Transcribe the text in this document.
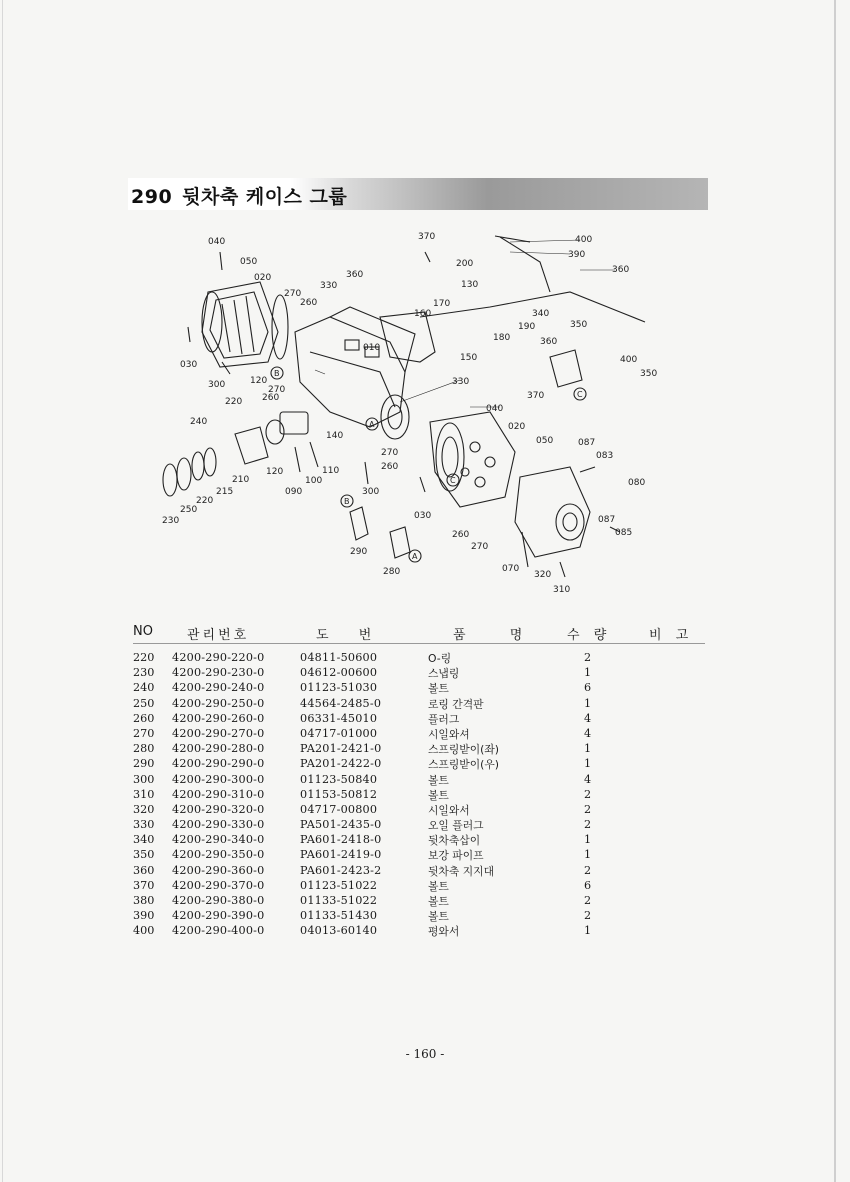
290 뒷차축 케이스 그룹
040
050
020
370	400
390
360
200
360
330
270
260
130
170
160	340
190	350
030
180
150
010
360
400
300	120
270
260
330
350
370
220
040
240
140
020
050	087
083
270
260
210
120
100
110
300
080
250
220
215	090
030	087
230
085
260
270
290
070
320
310
280
B
A
C
C
B
A
NO	관리번호	도 번	품 명	수 량	비 고
220 4200-290-220-0	04811-50600	O-링	2
230 4200-290-230-0	04612-00600	스냅링	1
240 4200-290-240-0	01123-51030	볼트	6
250 4200-290-250-0	44564-2485-0	로링 간격판	1
260 4200-290-260-0	06331-45010	플러그	4
270 4200-290-270-0	04717-01000	시일와셔	4
280 4200-290-280-0	PA201-2421-0	스프링받이(좌)	1
290 4200-290-290-0	PA201-2422-0	스프링받이(우)	1
300 4200-290-300-0	01123-50840	볼트	4
310 4200-290-310-0	01153-50812	볼트	2
320 4200-290-320-0	04717-00800	시일와서	2
330 4200-290-330-0	PA501-2435-0	오일 플러그	2
340 4200-290-340-0	PA601-2418-0	뒷차축삽이	1
350 4200-290-350-0	PA601-2419-0	보강 파이프	1
360 4200-290-360-0	PA601-2423-2	뒷차축 지지대	2
370 4200-290-370-0	01123-51022	볼트	6
380 4200-290-380-0	01133-51022	볼트	2
390 4200-290-390-0	01133-51430	볼트	2
400 4200-290-400-0	04013-60140	평와서	1
- 160 -
